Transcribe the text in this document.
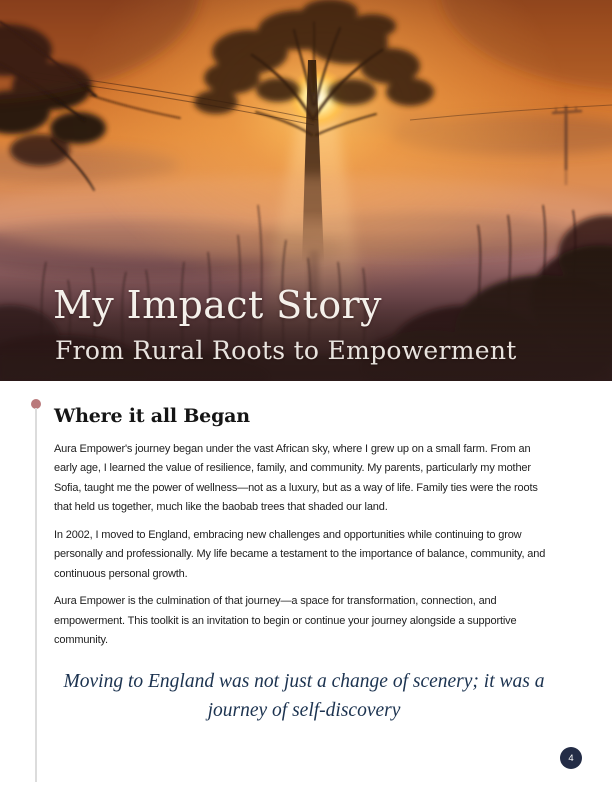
My Impact Story
From Rural Roots to Empowerment
Where it all Began

Aura Empower's journey began under the vast African sky, where I grew up on a small farm. From an early age, I learned the value of resilience, family, and community. My parents, particularly my mother Sofia, taught me the power of wellness—not as a luxury, but as a way of life. Family ties were the roots that held us together, much like the baobab trees that shaded our land.

In 2002, I moved to England, embracing new challenges and opportunities while continuing to grow personally and professionally. My life became a testament to the importance of balance, community, and continuous personal growth.

Aura Empower is the culmination of that journey—a space for transformation, connection, and empowerment. This toolkit is an invitation to begin or continue your journey alongside a supportive community.

Moving to England was not just a change of scenery; it was a journey of self-discovery
4
